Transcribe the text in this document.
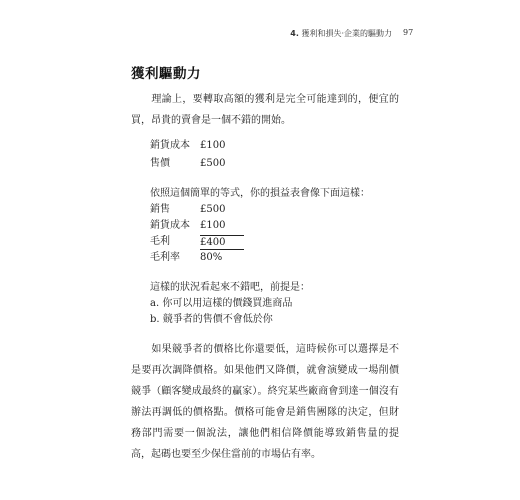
4. 獲利和損失·企業的驅動力 97
獲利驅動力

理論上，要轉取高額的獲利是完全可能達到的，便宜的買，昂貴的賣會是一個不錯的開始。

銷貨成本	£100
售價	£500
依照這個簡單的等式，你的損益表會像下面這樣：
銷售	£500
銷貨成本	£100
毛利	£400
毛利率	80%
這樣的狀況看起來不錯吧，前提是：
a. 你可以用這樣的價錢買進商品
b. 競爭者的售價不會低於你

如果競爭者的價格比你還要低，這時候你可以選擇是不是要再次調降價格。如果他們又降價，就會演變成一場削價競爭（顧客變成最終的贏家）。終究某些廠商會到達一個沒有辦法再調低的價格點。價格可能會是銷售團隊的決定，但財務部門需要一個說法，讓他們相信降價能導致銷售量的提高，起碼也要至少保住當前的市場佔有率。
